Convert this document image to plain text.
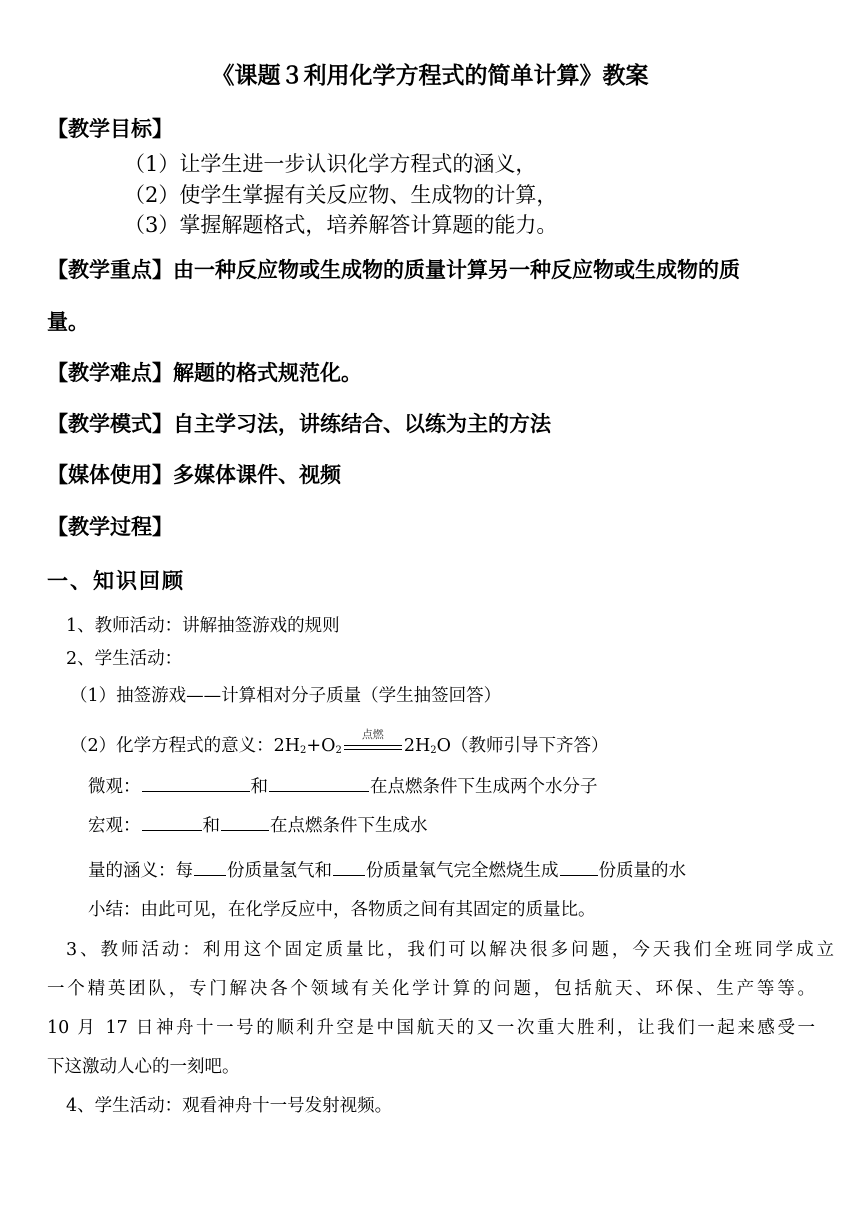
《课题３利用化学方程式的简单计算》教案
【教学目标】
（1）让学生进一步认识化学方程式的涵义，
（2）使学生掌握有关反应物、生成物的计算，
（3）掌握解题格式，培养解答计算题的能力。
【教学重点】由一种反应物或生成物的质量计算另一种反应物或生成物的质
量。
【教学难点】解题的格式规范化。
【教学模式】自主学习法，讲练结合、以练为主的方法
【媒体使用】多媒体课件、视频
【教学过程】
一、知识回顾
1、教师活动：讲解抽签游戏的规则
2、学生活动：
（1）抽签游戏——计算相对分子质量（学生抽签回答）
（2）化学方程式的意义：$2H_2+O_2$
点燃
$2H_2O$（教师引导下齐答）
微观：	和	在点燃条件下生成两个水分子
宏观：	和	在点燃条件下生成水
量的涵义：每 份质量氢气和 份质量氧气完全燃烧生成 份质量的水
小结：由此可见，在化学反应中，各物质之间有其固定的质量比。
3、教师活动：利用这个固定质量比，我们可以解决很多问题，今天我们全班同学成立
一个精英团队，专门解决各个领域有关化学计算的问题，包括航天、环保、生产等等。
10 月 17 日神舟十一号的顺利升空是中国航天的又一次重大胜利，让我们一起来感受一
下这激动人心的一刻吧。
4、学生活动：观看神舟十一号发射视频。
